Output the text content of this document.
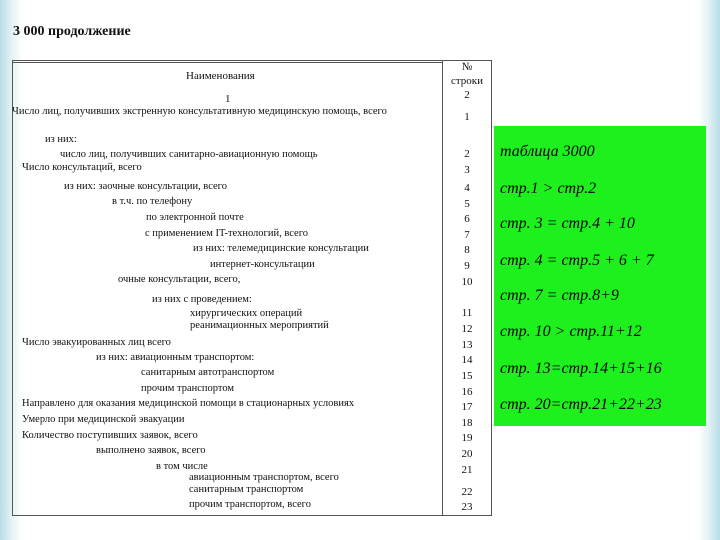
3 000 продолжение
Наименования
№
строки
2
1
Число лиц, получивших экстренную консультативную медицинскую помощь, всего
из них:
число лиц, получивших санитарно-авиационную помощь
Число консультаций, всего
из них: заочные консультации, всего
в т.ч. по телефону
по электронной почте
с применением IT-технологий, всего
из них: телемедицинские консультации
интернет-консультации
очные консультации, всего,
из них с проведением:
хирургических операций
реанимационных мероприятий
Число эвакуированных лиц всего
из них: авиационным транспортом:
санитарным автотранспортом
прочим транспортом
Направлено для оказания медицинской помощи в стационарных условиях
Умерло при медицинской эвакуации
Количество поступивших заявок, всего
выполнено заявок, всего
в том числе
авиационным транспортом, всего
санитарным транспортом
прочим транспортом, всего
1
2
3
4
5
6
7
8
9
10
11
12
13
14
15
16
17
18
19
20
21
22
23
таблица 3000
стр.1 > стр.2
стр. 3 = стр.4 + 10
стр. 4 = стр.5 + 6 + 7
стр. 7 = стр.8+9
стр. 10 > стр.11+12
стр. 13=стр.14+15+16
стр. 20=стр.21+22+23
